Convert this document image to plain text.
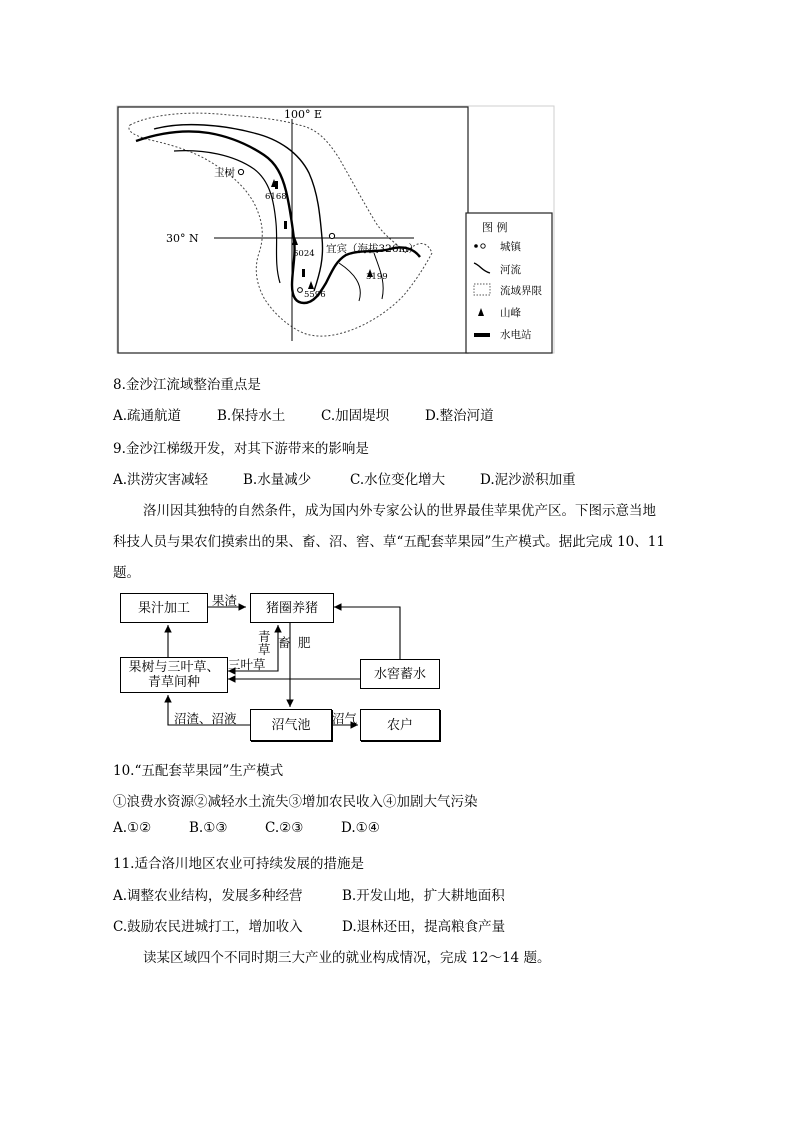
100° E
30° N
玉树
宜宾（海拔326m）
6168
6024
5596
3199
图 例
城镇
河流
流域界限
山峰
水电站
8.金沙江流域整治重点是
A.疏通航道	B.保持水土	C.加固堤坝	D.整治河道
9.金沙江梯级开发，对其下游带来的影响是
A.洪涝灾害减轻	B.水量减少	C.水位变化增大	D.泥沙淤积加重
洛川因其独特的自然条件，成为国内外专家公认的世界最佳苹果优产区。下图示意当地
科技人员与果农们摸索出的果、畜、沼、窖、草“五配套苹果园”生产模式。据此完成 10、11
题。
果汁加工	猪圈养猪
果树与三叶草、
青草间种
水窖蓄水
沼气池	农户
果渣
青
草 畜 肥
三叶草
沼渣、沼液	沼气
10.“五配套苹果园”生产模式
①浪费水资源②减轻水土流失③增加农民收入④加剧大气污染
A.①②	B.①③	C.②③	D.①④
11.适合洛川地区农业可持续发展的措施是
A.调整农业结构，发展多种经营	B.开发山地，扩大耕地面积
C.鼓励农民进城打工，增加收入	D.退林还田，提高粮食产量
读某区域四个不同时期三大产业的就业构成情况，完成 12～14 题。
